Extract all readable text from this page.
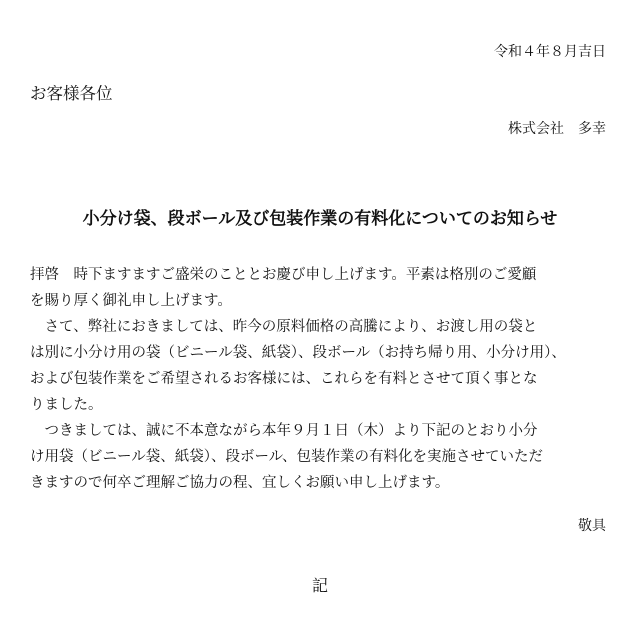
令和４年８月吉日
お客様各位
株式会社　多幸
小分け袋、段ボール及び包装作業の有料化についてのお知らせ

拝啓　時下ますますご盛栄のこととお慶び申し上げます。平素は格別のご愛顧

を賜り厚く御礼申し上げます。

　さて、弊社におきましては、昨今の原料価格の高騰により、お渡し用の袋と

は別に小分け用の袋（ビニール袋、紙袋）、段ボール（お持ち帰り用、小分け用）、

および包装作業をご希望されるお客様には、これらを有料とさせて頂く事とな

りました。

　つきましては、誠に不本意ながら本年９月１日（木）より下記のとおり小分

け用袋（ビニール袋、紙袋）、段ボール、包装作業の有料化を実施させていただ

きますので何卒ご理解ご協力の程、宜しくお願い申し上げます。

敬具
記
